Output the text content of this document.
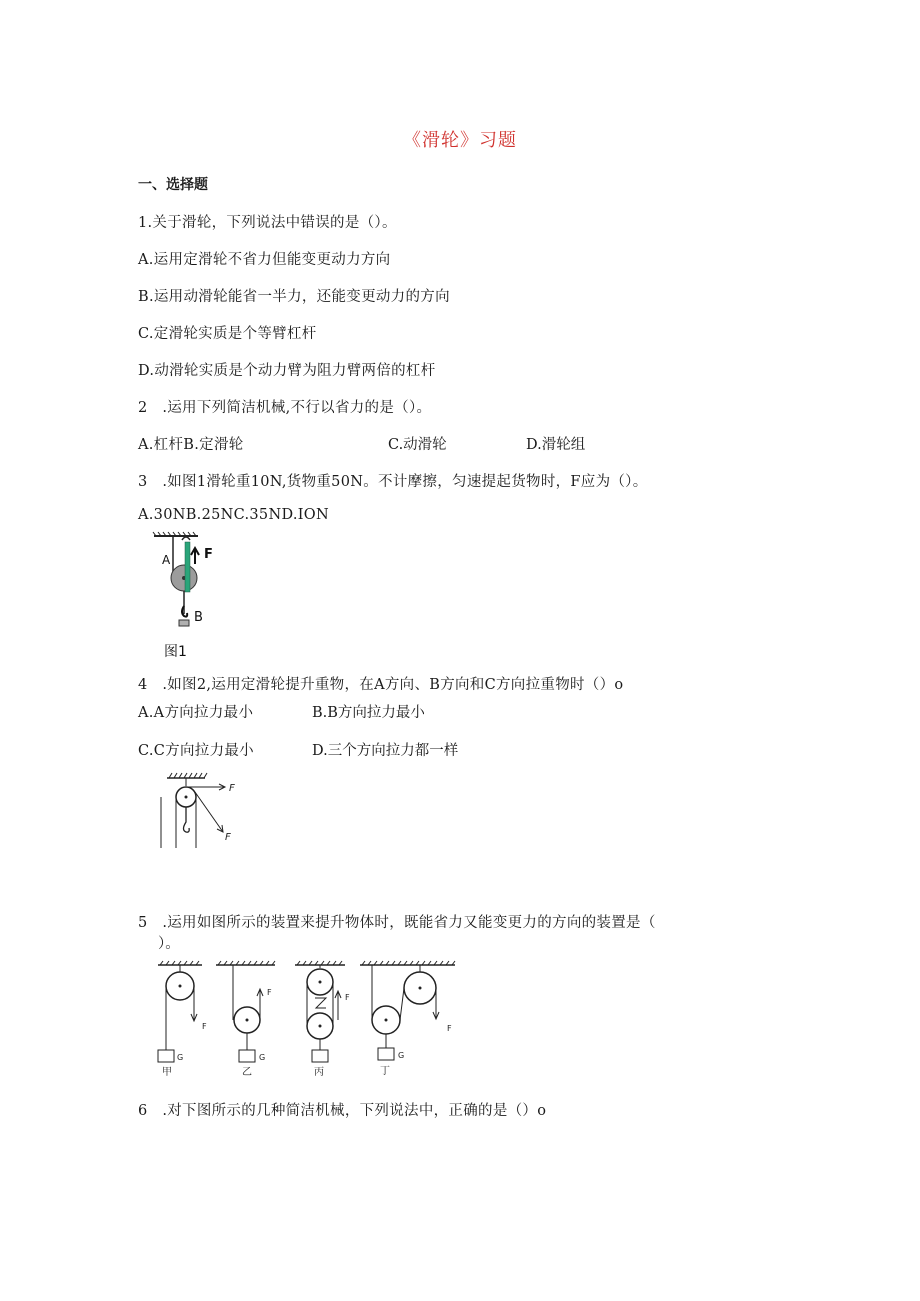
《滑轮》习题
一、选择题
1.关于滑轮，下列说法中错误的是（）。
A.运用定滑轮不省力但能变更动力方向
B.运用动滑轮能省一半力，还能变更动力的方向
C.定滑轮实质是个等臂杠杆
D.动滑轮实质是个动力臂为阻力臂两倍的杠杆
2　.运用下列简洁机械,不行以省力的是（）。
A.杠杆B.定滑轮	C.动滑轮	D.滑轮组
3　.如图1滑轮重10N,货物重50N。不计摩擦，匀速提起货物时，F应为（）。
A.30NB.25NC.35ND.ION
F
A
B
图1
4　.如图2,运用定滑轮提升重物，在A方向、B方向和C方向拉重物时（）o
A.A方向拉力最小	B.B方向拉力最小
C.C方向拉力最小	D.三个方向拉力都一样
F
F
5　.运用如图所示的装置来提升物体时，既能省力又能变更力的方向的装置是（
）。
F
G
甲
F
G
乙
F
丙
F
G
丁
6　.对下图所示的几种简洁机械，下列说法中，正确的是（）o
